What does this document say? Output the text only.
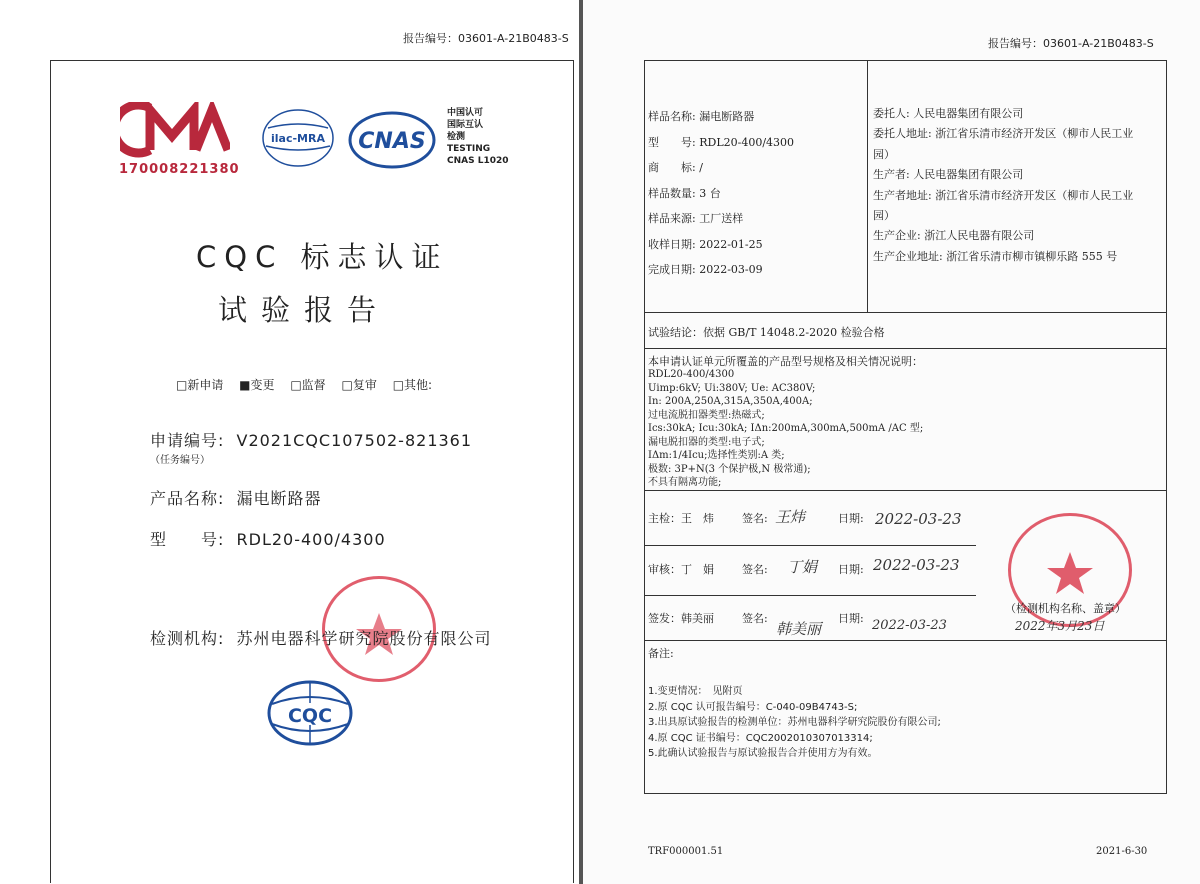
报告编号：03601-A-21B0483-S
170008221380
ilac-MRA CNAS
中国认可
国际互认
检测
TESTING
CNAS L1020
CQC 标志认证
试验报告
□新申请　 ■变更　 □监督　 □复审　 □其他:
申请编号: V2021CQC107502-821361
（任务编号）
产品名称: 漏电断路器
型　　号: RDL20-400/4300
检测机构: 苏州电器科学研究院股份有限公司
CQC
报告编号：03601-A-21B0483-S
样品名称: 漏电断路器
型　　号: RDL20-400/4300
商　　标: /
样品数量: 3 台
样品来源: 工厂送样
收样日期: 2022-01-25
完成日期: 2022-03-09
委托人: 人民电器集团有限公司
委托人地址: 浙江省乐清市经济开发区（柳市人民工业
园）
生产者: 人民电器集团有限公司
生产者地址: 浙江省乐清市经济开发区（柳市人民工业
园）
生产企业: 浙江人民电器有限公司
生产企业地址: 浙江省乐清市柳市镇柳乐路 555 号
试验结论：依据 GB/T 14048.2-2020 检验合格
本申请认证单元所覆盖的产品型号规格及相关情况说明：
RDL20-400/4300
Uimp:6kV; Ui:380V; Ue: AC380V;
In: 200A,250A,315A,350A,400A;
过电流脱扣器类型:热磁式;
Ics:30kA; Icu:30kA; IΔn:200mA,300mA,500mA /AC 型;
漏电脱扣器的类型:电子式;
IΔm:1/4Icu;选择性类别:A 类;
极数: 3P+N(3 个保护极,N 极常通);
不具有隔离功能;
主检：王　炜	签名: 王炜	日期: 2022-03-23
审核：丁　娟	签名: 丁娟 日期: 2022-03-23
签发：韩美丽	签名:
韩美丽
日期: 2022-03-23
（检测机构名称、盖章）
2022年3月23日
备注:
1.变更情况：　见附页
2.原 CQC 认可报告编号：C-040-09B4743-S;
3.出具原试验报告的检测单位：苏州电器科学研究院股份有限公司;
4.原 CQC 证书编号：CQC2002010307013314;
5.此确认试验报告与原试验报告合并使用方为有效。
TRF000001.51	2021-6-30
